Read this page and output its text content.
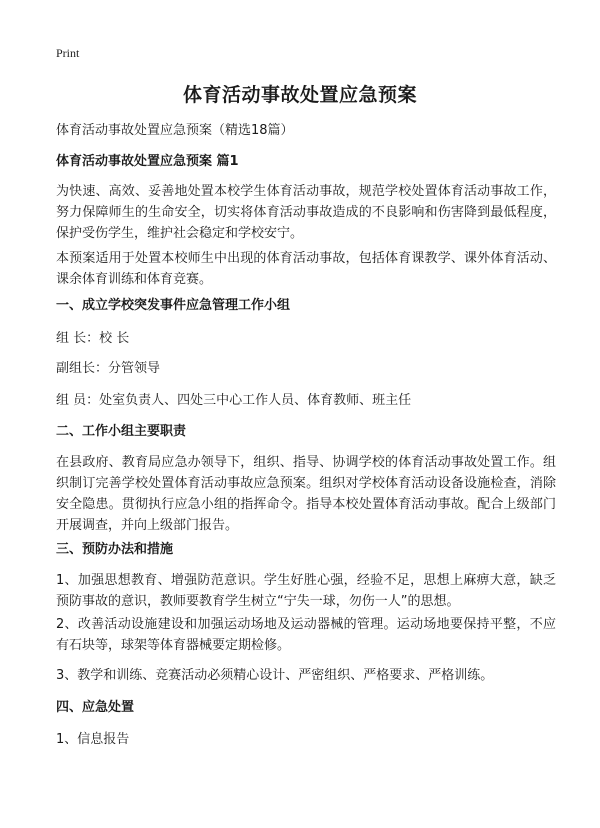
Print
体育活动事故处置应急预案

体育活动事故处置应急预案（精选18篇）

体育活动事故处置应急预案 篇1

为快速、高效、妥善地处置本校学生体育活动事故，规范学校处置体育活动事故工作，努力保障师生的生命安全，切实将体育活动事故造成的不良影响和伤害降到最低程度，保护受伤学生，维护社会稳定和学校安宁。

本预案适用于处置本校师生中出现的体育活动事故，包括体育课教学、课外体育活动、课余体育训练和体育竞赛。

一、成立学校突发事件应急管理工作小组

组 长：校 长

副组长：分管领导

组 员：处室负责人、四处三中心工作人员、体育教师、班主任

二、工作小组主要职责

在县政府、教育局应急办领导下，组织、指导、协调学校的体育活动事故处置工作。组织制订完善学校处置体育活动事故应急预案。组织对学校体育活动设备设施检查，消除安全隐患。贯彻执行应急小组的指挥命令。指导本校处置体育活动事故。配合上级部门开展调查，并向上级部门报告。

三、预防办法和措施

1、加强思想教育、增强防范意识。学生好胜心强，经验不足，思想上麻痹大意，缺乏预防事故的意识，教师要教育学生树立“宁失一球，勿伤一人”的思想。

2、改善活动设施建设和加强运动场地及运动器械的管理。运动场地要保持平整，不应有石块等，球架等体育器械要定期检修。

3、教学和训练、竞赛活动必须精心设计、严密组织、严格要求、严格训练。

四、应急处置

1、信息报告
